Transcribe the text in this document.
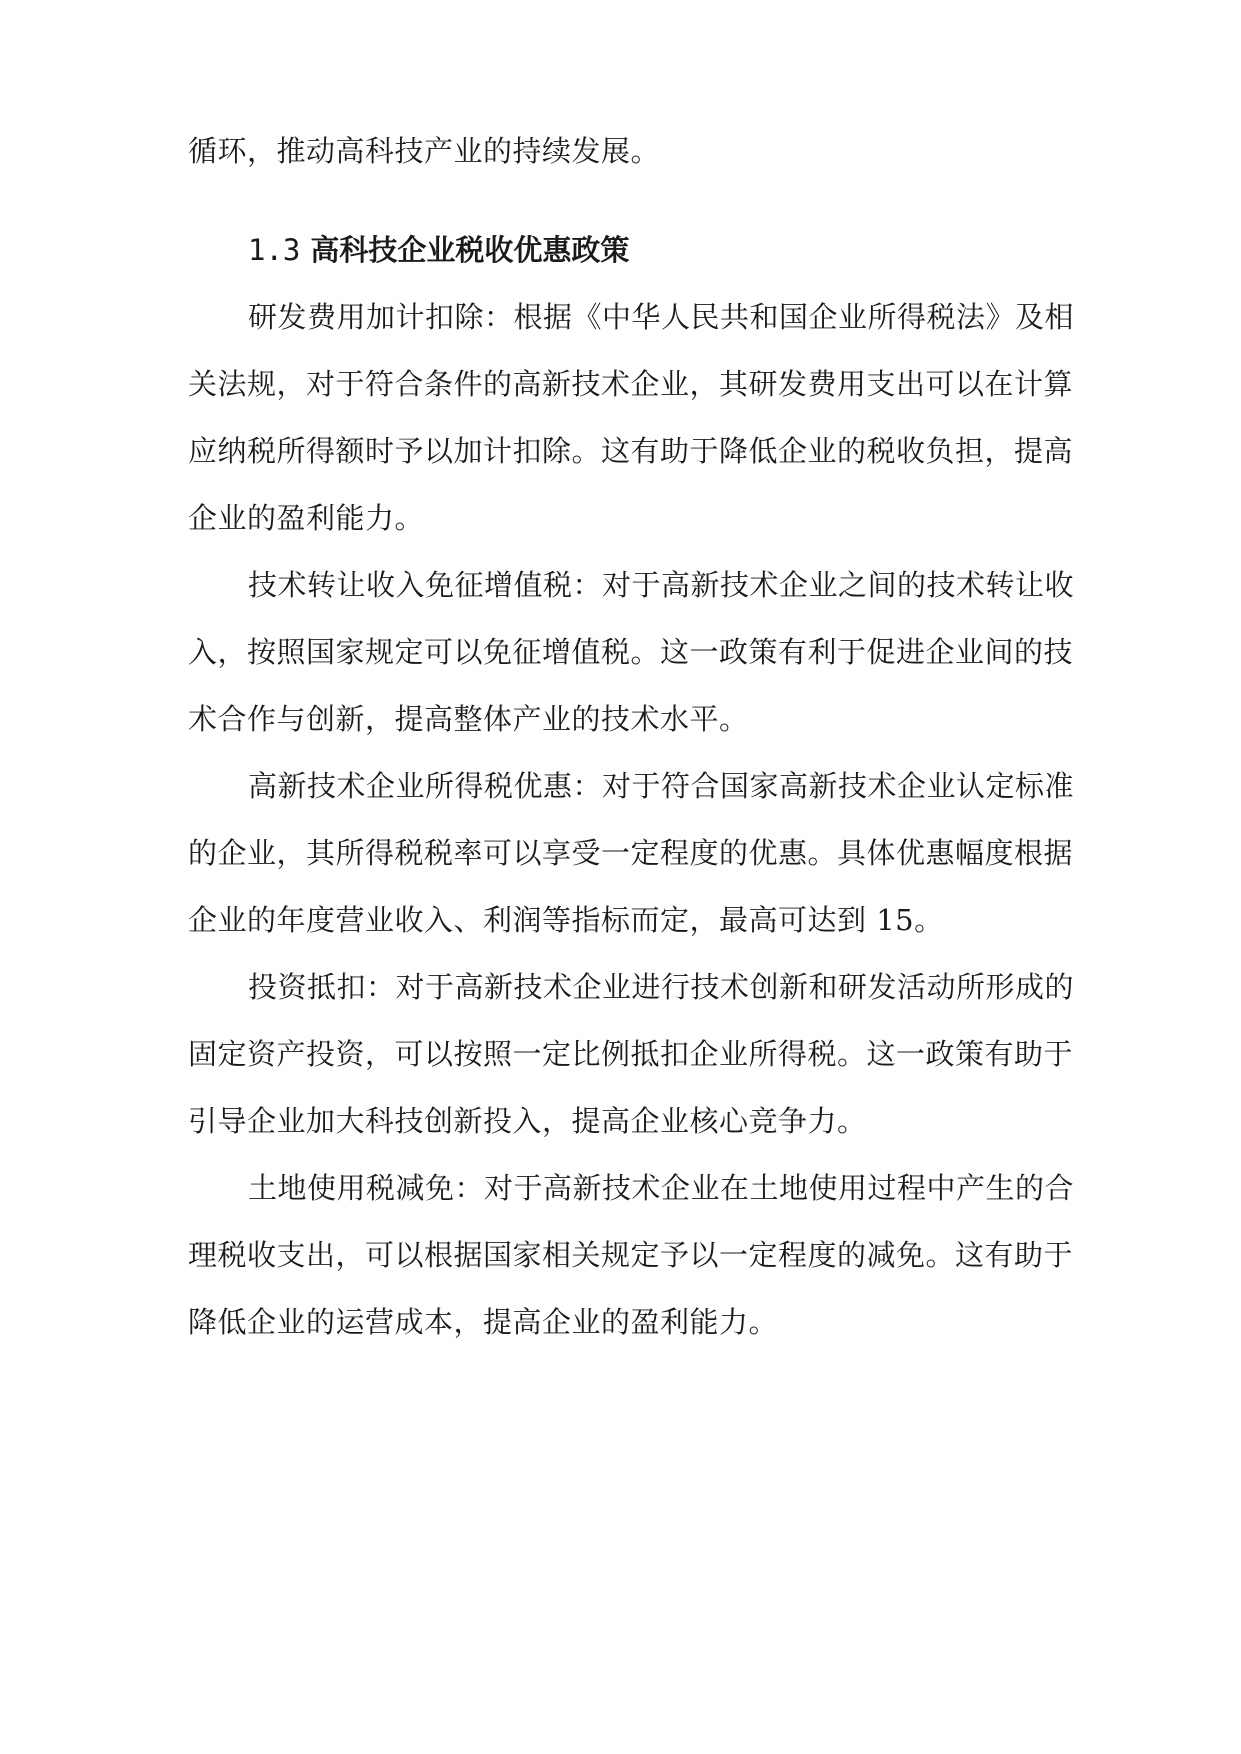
循环，推动高科技产业的持续发展。
1.3 高科技企业税收优惠政策
研发费用加计扣除：根据《中华人民共和国企业所得税法》及相
关法规，对于符合条件的高新技术企业，其研发费用支出可以在计算
应纳税所得额时予以加计扣除。这有助于降低企业的税收负担，提高
企业的盈利能力。
技术转让收入免征增值税：对于高新技术企业之间的技术转让收
入，按照国家规定可以免征增值税。这一政策有利于促进企业间的技
术合作与创新，提高整体产业的技术水平。
高新技术企业所得税优惠：对于符合国家高新技术企业认定标准
的企业，其所得税税率可以享受一定程度的优惠。具体优惠幅度根据
企业的年度营业收入、利润等指标而定，最高可达到 15。
投资抵扣：对于高新技术企业进行技术创新和研发活动所形成的
固定资产投资，可以按照一定比例抵扣企业所得税。这一政策有助于
引导企业加大科技创新投入，提高企业核心竞争力。
土地使用税减免：对于高新技术企业在土地使用过程中产生的合
理税收支出，可以根据国家相关规定予以一定程度的减免。这有助于
降低企业的运营成本，提高企业的盈利能力。
